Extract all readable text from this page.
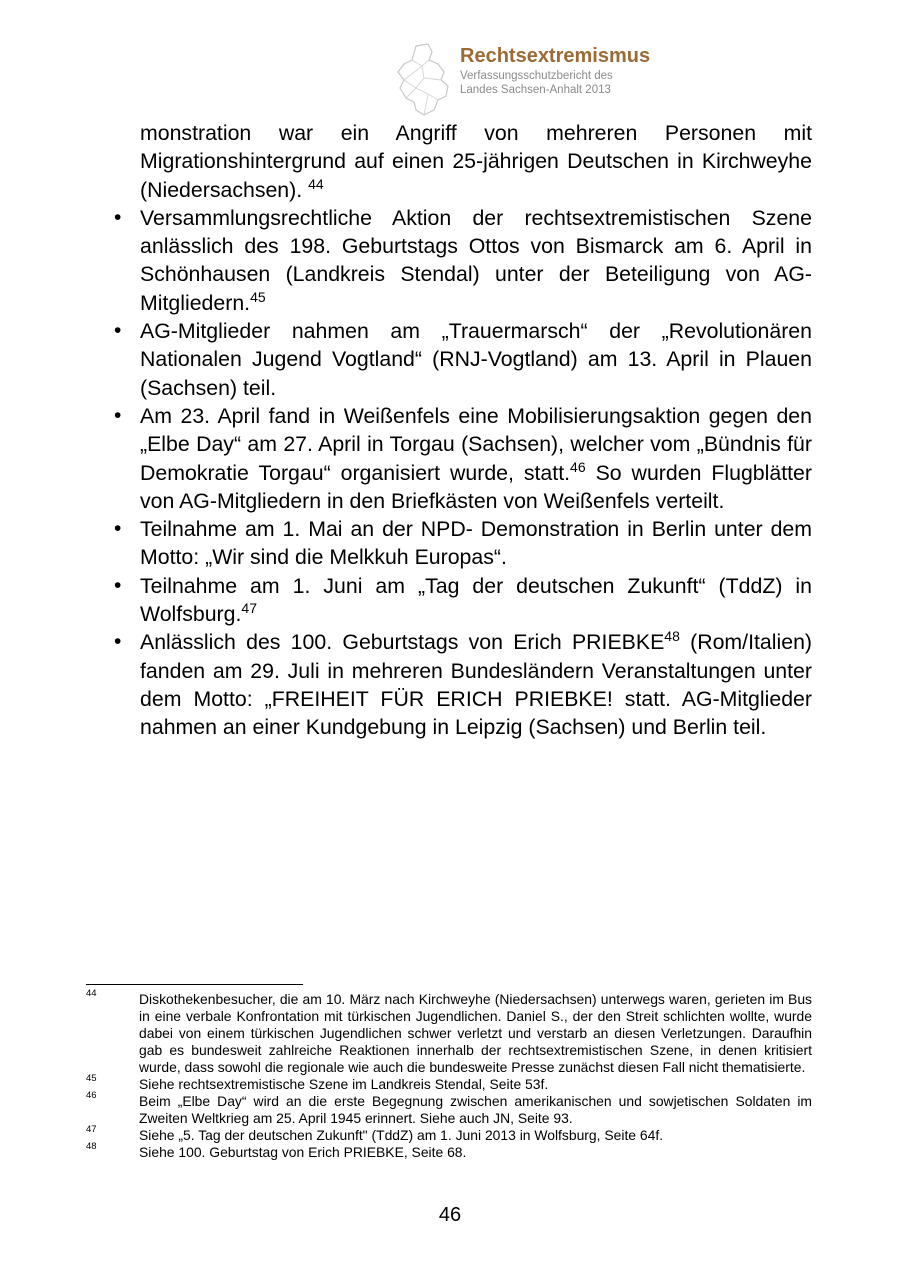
Rechtsextremismus
Verfassungsschutzbericht des
Landes Sachsen-Anhalt 2013

monstration war ein Angriff von mehreren Personen mit Migrationshintergrund auf einen 25-jährigen Deutschen in Kirchweyhe (Niedersachsen). $^{44}$

• Versammlungsrechtliche Aktion der rechtsextremistischen Szene anlässlich des 198. Geburtstags Ottos von Bismarck am 6. April in Schönhausen (Landkreis Stendal) unter der Beteiligung von AG- Mitgliedern.$^{45}$

• AG-Mitglieder nahmen am „Trauermarsch“ der „Revolutionären Nationalen Jugend Vogtland“ (RNJ-Vogtland) am 13. April in Plauen (Sachsen) teil.

• Am 23. April fand in Weißenfels eine Mobilisierungsaktion gegen den „Elbe Day“ am 27. April in Torgau (Sachsen), welcher vom „Bündnis für Demokratie Torgau“ organisiert wurde, statt.$^{46}$ So wurden Flugblätter von AG-Mitgliedern in den Briefkästen von Weißenfels verteilt.

• Teilnahme am 1. Mai an der NPD- Demonstration in Berlin unter dem Motto: „Wir sind die Melkkuh Europas“.

• Teilnahme am 1. Juni am „Tag der deutschen Zukunft“ (TddZ) in Wolfsburg.$^{47}$

• Anlässlich des 100. Geburtstags von Erich PRIEBKE$^{48}$ (Rom/Italien) fanden am 29. Juli in mehreren Bundesländern Veranstaltungen unter dem Motto: „FREIHEIT FÜR ERICH PRIEBKE! statt. AG-Mitglieder nahmen an einer Kundgebung in Leipzig (Sachsen) und Berlin teil.

44	Diskothekenbesucher, die am 10. März nach Kirchweyhe (Niedersachsen) unterwegs waren, gerieten im Bus in eine verbale Konfrontation mit türkischen Jugendlichen. Daniel S., der den Streit schlichten wollte, wurde dabei von einem türkischen Jugendlichen schwer verletzt und verstarb an diesen Verletzungen. Daraufhin gab es bundesweit zahlreiche Reaktionen innerhalb der rechtsextremistischen Szene, in denen kritisiert wurde, dass sowohl die regionale wie auch die bundesweite Presse zunächst diesen Fall nicht thematisierte.
45	Siehe rechtsextremistische Szene im Landkreis Stendal, Seite 53f.
46	Beim „Elbe Day“ wird an die erste Begegnung zwischen amerikanischen und sowjetischen Soldaten im Zweiten Weltkrieg am 25. April 1945 erinnert. Siehe auch JN, Seite 93.
47	Siehe „5. Tag der deutschen Zukunft" (TddZ) am 1. Juni 2013 in Wolfsburg, Seite 64f.
48	Siehe 100. Geburtstag von Erich PRIEBKE, Seite 68.
46
